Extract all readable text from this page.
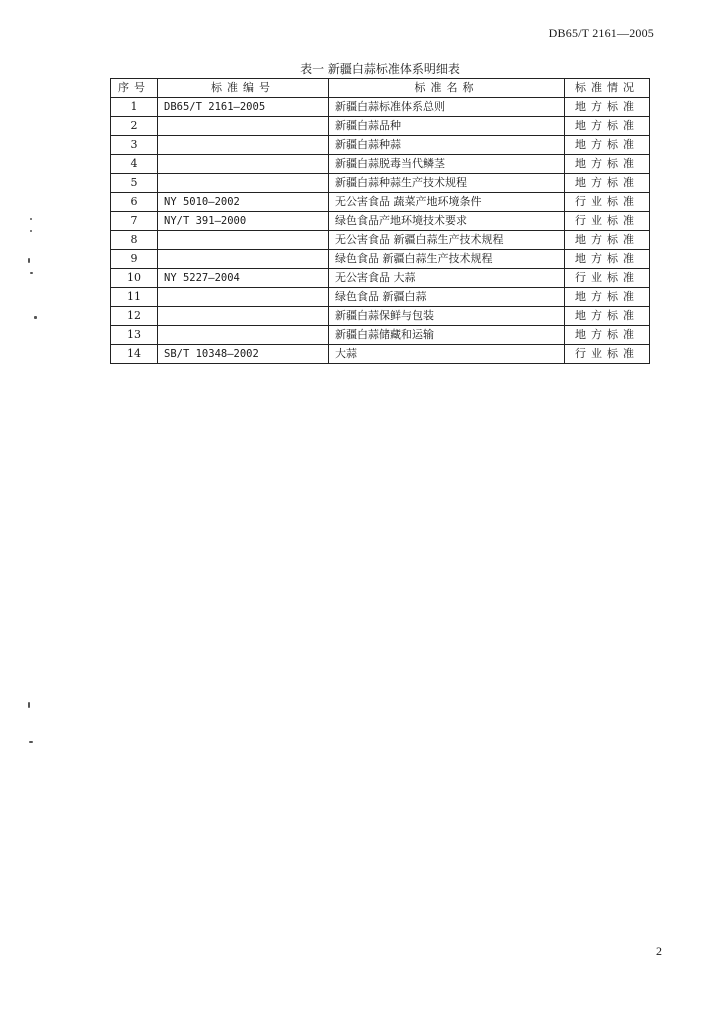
DB65/T 2161—2005
表一 新疆白蒜标准体系明细表
序号	标准编号	标准名称	标准情况
1	DB65/T 2161—2005	新疆白蒜标准体系总则	地方标准
2		新疆白蒜品种	地方标准
3		新疆白蒜种蒜	地方标准
4		新疆白蒜脱毒当代鳞茎	地方标准
5		新疆白蒜种蒜生产技术规程	地方标准
6	NY 5010—2002	无公害食品 蔬菜产地环境条件	行业标准
7	NY/T 391—2000	绿色食品产地环境技术要求	行业标准
8		无公害食品 新疆白蒜生产技术规程	地方标准
9		绿色食品 新疆白蒜生产技术规程	地方标准
10	NY 5227—2004	无公害食品 大蒜	行业标准
11		绿色食品 新疆白蒜	地方标准
12		新疆白蒜保鲜与包装	地方标准
13		新疆白蒜储藏和运输	地方标准
14	SB/T 10348—2002	大蒜	行业标准
2
